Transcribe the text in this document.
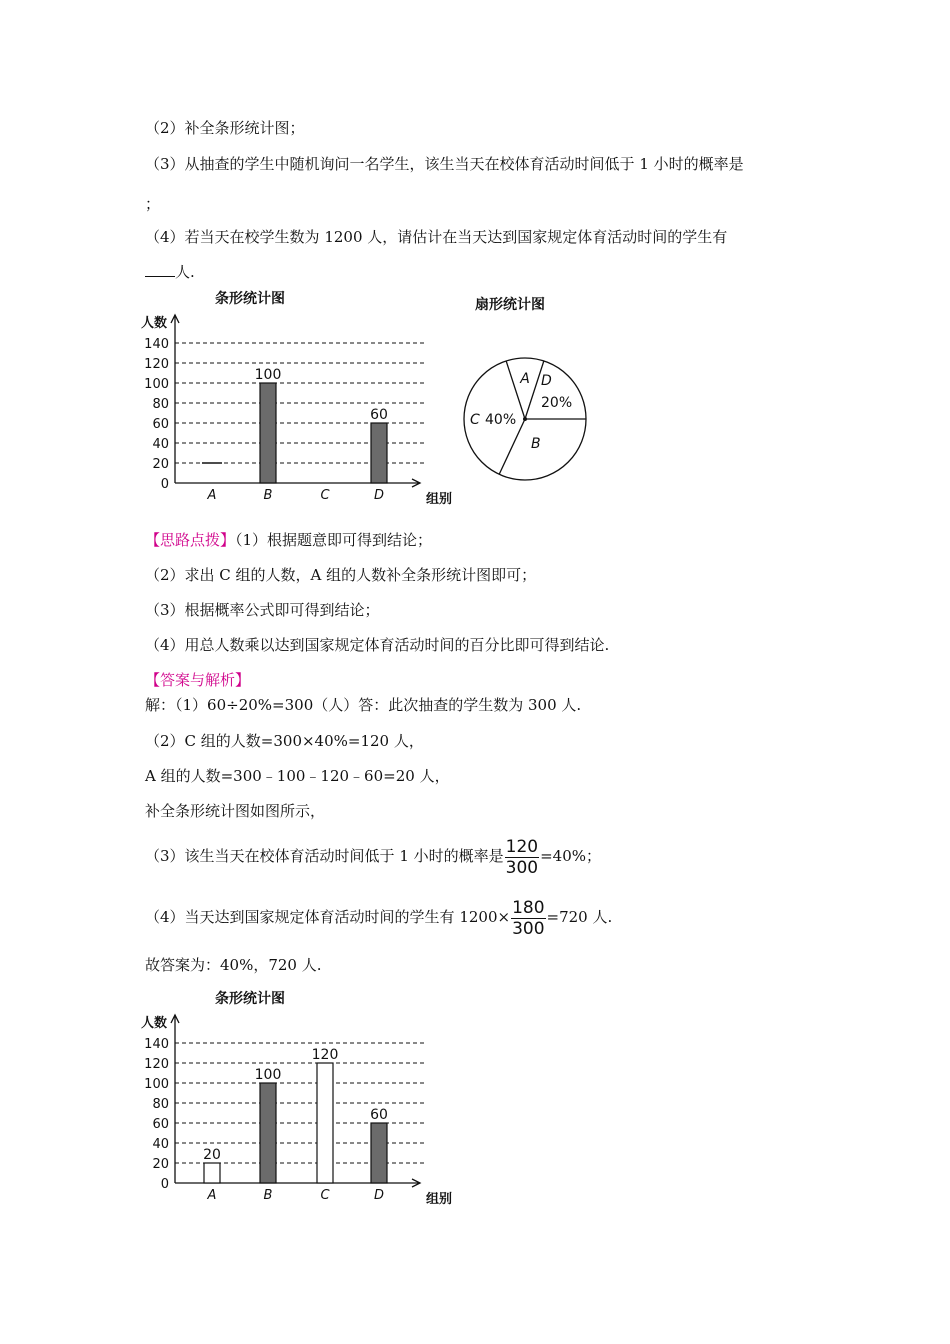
（2）补全条形统计图；
（3）从抽查的学生中随机询问一名学生，该生当天在校体育活动时间低于 1 小时的概率是
；
（4）若当天在校学生数为 1200 人，请估计在当天达到国家规定体育活动时间的学生有
人.
条形统计图
人数
组别
0
20
40
60
80
100
120
140
A	B
100
C	D
60
扇形统计图
A D
20%
B
C 40%
【思路点拨】（1）根据题意即可得到结论；
（2）求出 C 组的人数，A 组的人数补全条形统计图即可；
（3）根据概率公式即可得到结论；
（4）用总人数乘以达到国家规定体育活动时间的百分比即可得到结论.
【答案与解析】
解：（1）60÷20%=300（人）答：此次抽查的学生数为 300 人.
（2）C 组的人数=300×40%=120 人，
A 组的人数=300﹣100﹣120﹣60=20 人，
补全条形统计图如图所示，
（3）该生当天在校体育活动时间低于 1 小时的概率是 $\frac{120}{300} =40\%$；
（4）当天达到国家规定体育活动时间的学生有 $1200\times \frac{180}{300} =720$ 人.
故答案为：40%，720 人.
条形统计图
人数
组别
0
20
40
60
80
100
120
140
A
20
B
100
C
120
D
60
